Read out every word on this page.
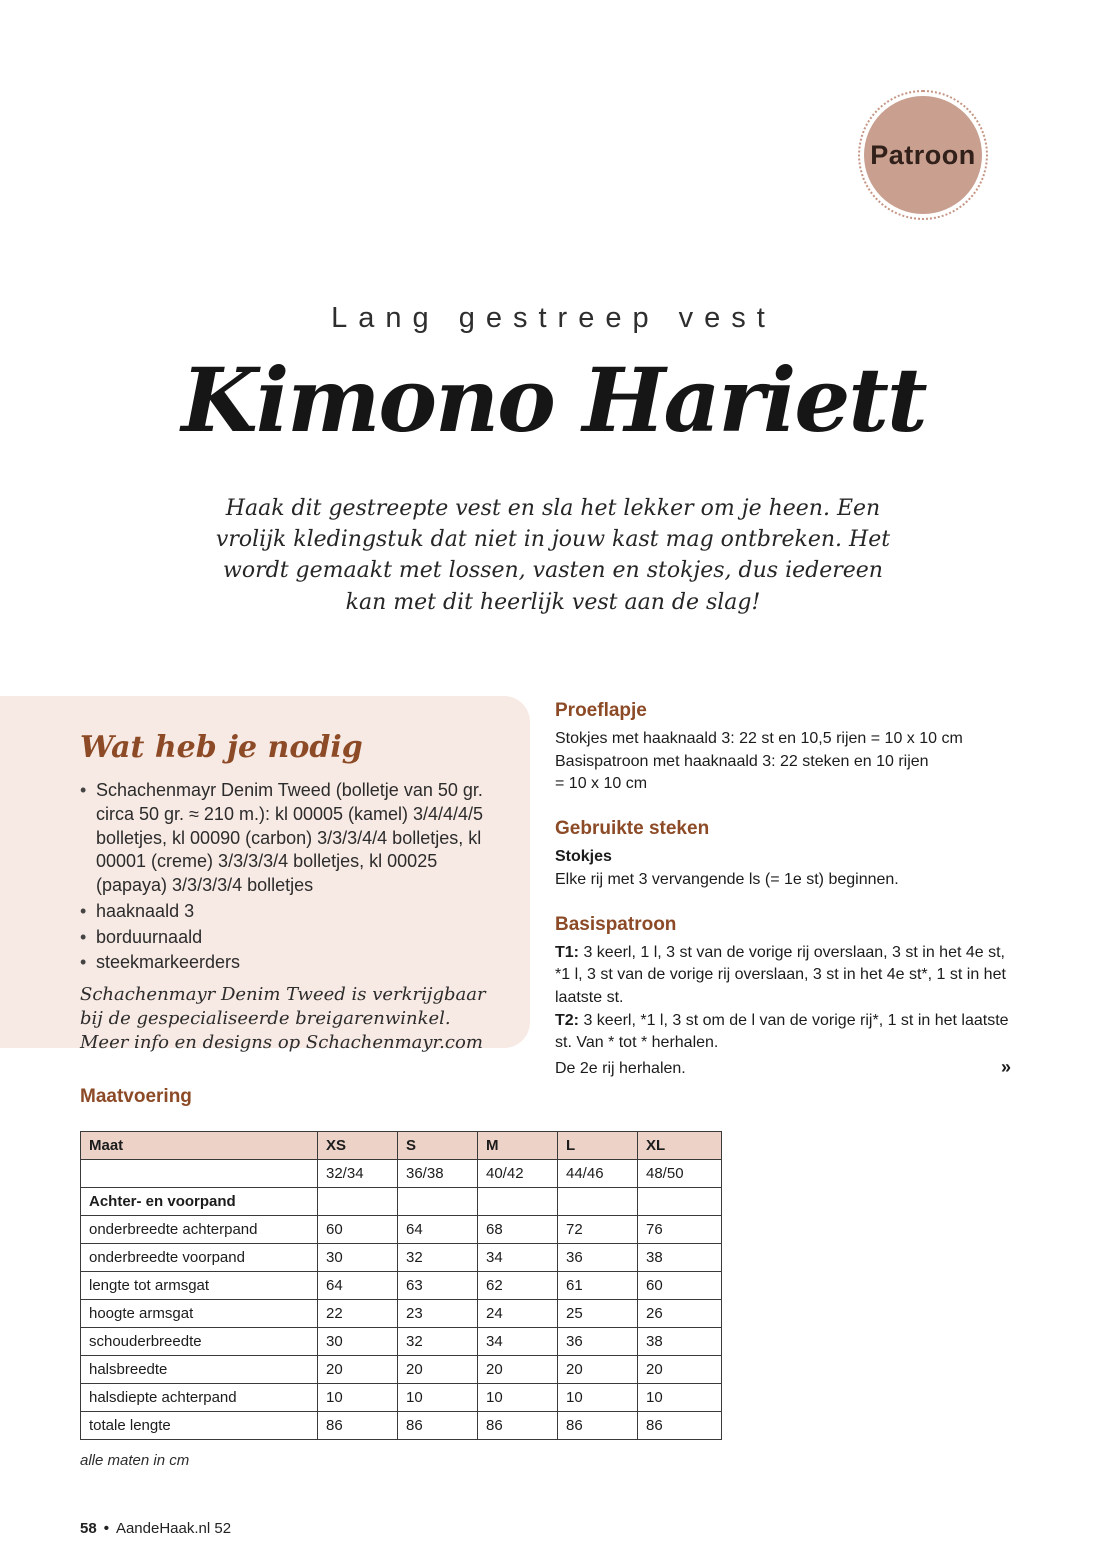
Patroon
Lang gestreep vest
Kimono Hariett
Haak dit gestreepte vest en sla het lekker om je heen. Een vrolijk kledingstuk dat niet in jouw kast mag ontbreken. Het wordt gemaakt met lossen, vasten en stokjes, dus iedereen kan met dit heerlijk vest aan de slag!
Wat heb je nodig
• Schachenmayr Denim Tweed (bolletje van 50 gr. circa 50 gr. ≈ 210 m.): kl 00005 (kamel) 3/4/4/4/5 bolletjes, kl 00090 (carbon) 3/3/3/4/4 bolletjes, kl 00001 (creme) 3/3/3/3/4 bolletjes, kl 00025 (papaya) 3/3/3/3/4 bolletjes
• haaknaald 3
• borduurnaald
• steekmarkeerders
Schachenmayr Denim Tweed is verkrijgbaar bij de gespecialiseerde breigarenwinkel. Meer info en designs op Schachenmayr.com
Proeflapje
Stokjes met haaknaald 3: 22 st en 10,5 rijen = 10 x 10 cm
Basispatroon met haaknaald 3: 22 steken en 10 rijen
= 10 x 10 cm
Gebruikte steken
Stokjes
Elke rij met 3 vervangende ls (= 1e st) beginnen.
Basispatroon

T1: 3 keerl, 1 l, 3 st van de vorige rij overslaan, 3 st in het 4e st, *1 l, 3 st van de vorige rij overslaan, 3 st in het 4e st*, 1 st in het laatste st.

T2: 3 keerl, *1 l, 3 st om de l van de vorige rij*, 1 st in het laatste st. Van * tot * herhalen.

De 2e rij herhalen.	»
Maatvoering
Maat	XS	S	M	L	XL
	32/34	36/38	40/42	44/46	48/50
Achter- en voorpand					
onderbreedte achterpand	60	64	68	72	76
onderbreedte voorpand	30	32	34	36	38
lengte tot armsgat	64	63	62	61	60
hoogte armsgat	22	23	24	25	26
schouderbreedte	30	32	34	36	38
halsbreedte	20	20	20	20	20
halsdiepte achterpand	10	10	10	10	10
totale lengte	86	86	86	86	86
alle maten in cm
58 • AandeHaak.nl 52
